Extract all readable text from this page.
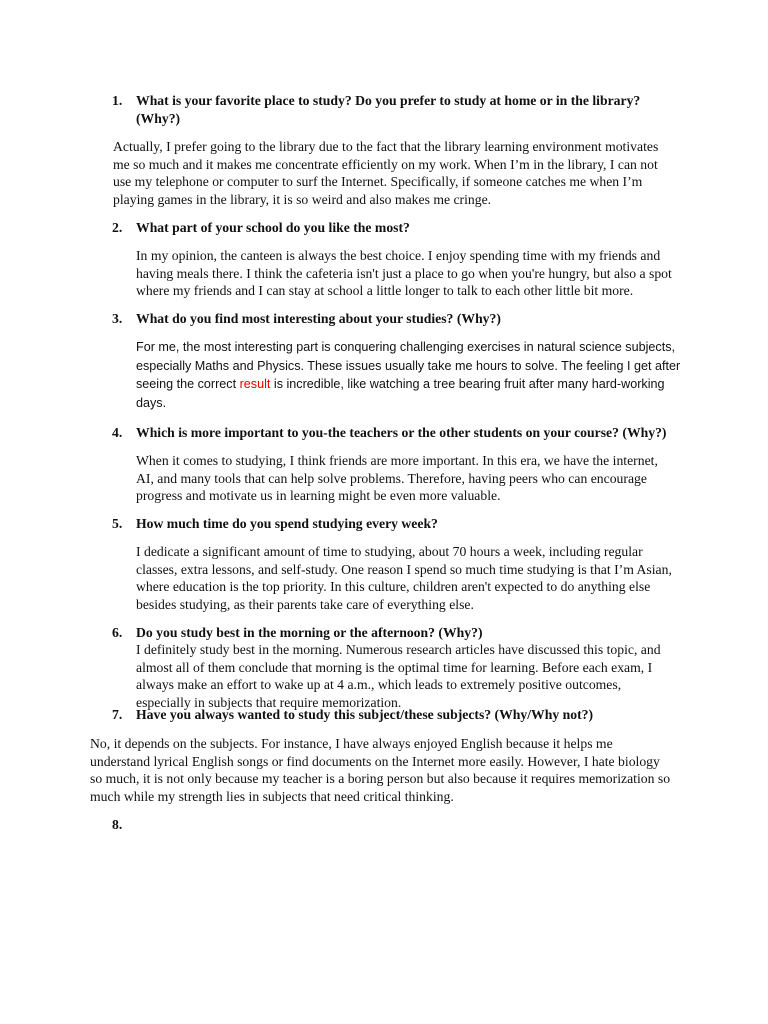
1.	What is your favorite place to study? Do you prefer to study at home or in the library? (Why?)
Actually, I prefer going to the library due to the fact that the library learning environment motivates
me so much and it makes me concentrate efficiently on my work. When I’m in the library, I can not
use my telephone or computer to surf the Internet. Specifically, if someone catches me when I’m
playing games in the library, it is so weird and also makes me cringe.
2.	What part of your school do you like the most?
In my opinion, the canteen is always the best choice. I enjoy spending time with my friends and
having meals there. I think the cafeteria isn't just a place to go when you're hungry, but also a spot
where my friends and I can stay at school a little longer to talk to each other little bit more.
3.	What do you find most interesting about your studies? (Why?)
For me, the most interesting part is conquering challenging exercises in natural science subjects,
especially Maths and Physics. These issues usually take me hours to solve. The feeling I get after
seeing the correct result is incredible, like watching a tree bearing fruit after many hard-working
days.
4.	Which is more important to you-the teachers or the other students on your course? (Why?)
When it comes to studying, I think friends are more important. In this era, we have the internet,
AI, and many tools that can help solve problems. Therefore, having peers who can encourage
progress and motivate us in learning might be even more valuable.
5.	How much time do you spend studying every week?
I dedicate a significant amount of time to studying, about 70 hours a week, including regular
classes, extra lessons, and self-study. One reason I spend so much time studying is that I’m Asian,
where education is the top priority. In this culture, children aren't expected to do anything else
besides studying, as their parents take care of everything else.
6.	Do you study best in the morning or the afternoon? (Why?)
I definitely study best in the morning. Numerous research articles have discussed this topic, and
almost all of them conclude that morning is the optimal time for learning. Before each exam, I
always make an effort to wake up at 4 a.m., which leads to extremely positive outcomes,
especially in subjects that require memorization.
7.	Have you always wanted to study this subject/these subjects? (Why/Why not?)
No, it depends on the subjects. For instance, I have always enjoyed English because it helps me
understand lyrical English songs or find documents on the Internet more easily. However, I hate biology
so much, it is not only because my teacher is a boring person but also because it requires memorization so
much while my strength lies in subjects that need critical thinking.
8.
